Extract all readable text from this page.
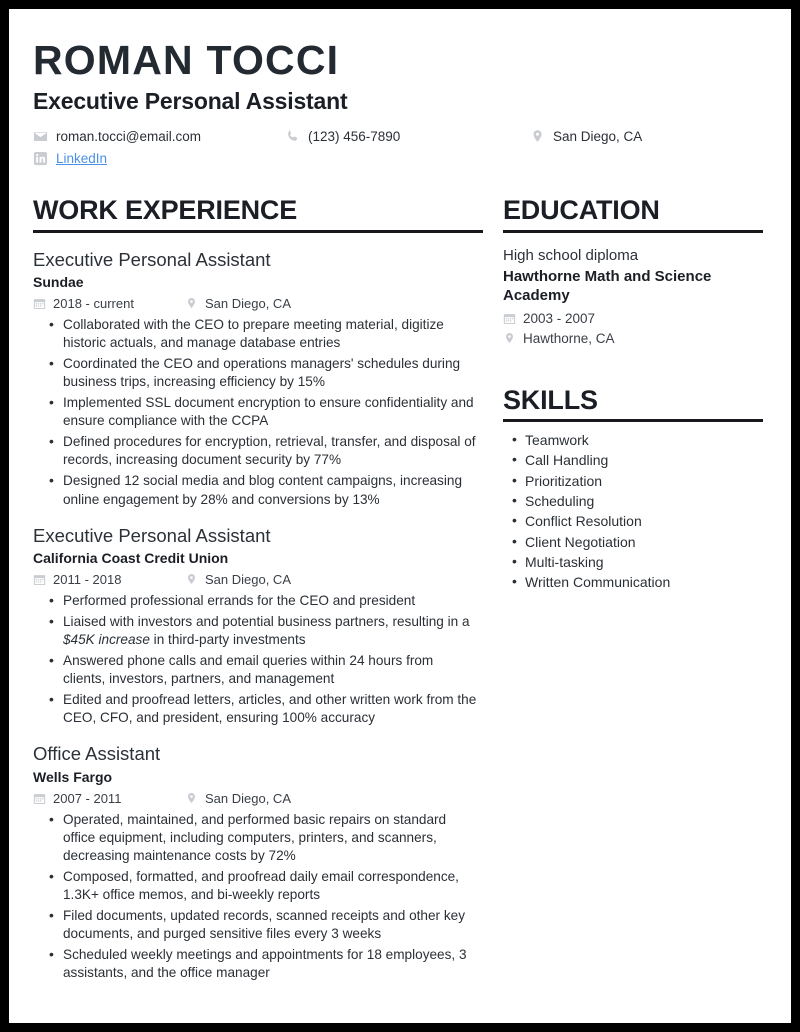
ROMAN TOCCI
Executive Personal Assistant
roman.tocci@email.com	(123) 456-7890	San Diego, CA
LinkedIn
WORK EXPERIENCE
Executive Personal Assistant
Sundae
2018 - current	San Diego, CA
• Collaborated with the CEO to prepare meeting material, digitize historic actuals, and manage database entries
• Coordinated the CEO and operations managers' schedules during business trips, increasing efficiency by 15%
• Implemented SSL document encryption to ensure confidentiality and ensure compliance with the CCPA
• Defined procedures for encryption, retrieval, transfer, and disposal of records, increasing document security by 77%
• Designed 12 social media and blog content campaigns, increasing online engagement by 28% and conversions by 13%
Executive Personal Assistant
California Coast Credit Union
2011 - 2018	San Diego, CA
• Performed professional errands for the CEO and president
• Liaised with investors and potential business partners, resulting in a $45K increase in third-party investments
• Answered phone calls and email queries within 24 hours from clients, investors, partners, and management
• Edited and proofread letters, articles, and other written work from the CEO, CFO, and president, ensuring 100% accuracy
Office Assistant
Wells Fargo
2007 - 2011	San Diego, CA
• Operated, maintained, and performed basic repairs on standard office equipment, including computers, printers, and scanners, decreasing maintenance costs by 72%
• Composed, formatted, and proofread daily email correspondence, 1.3K+ office memos, and bi-weekly reports
• Filed documents, updated records, scanned receipts and other key documents, and purged sensitive files every 3 weeks
• Scheduled weekly meetings and appointments for 18 employees, 3 assistants, and the office manager
EDUCATION
High school diploma
Hawthorne Math and Science Academy
2003 - 2007
Hawthorne, CA
SKILLS
• Teamwork
• Call Handling
• Prioritization
• Scheduling
• Conflict Resolution
• Client Negotiation
• Multi-tasking
• Written Communication
